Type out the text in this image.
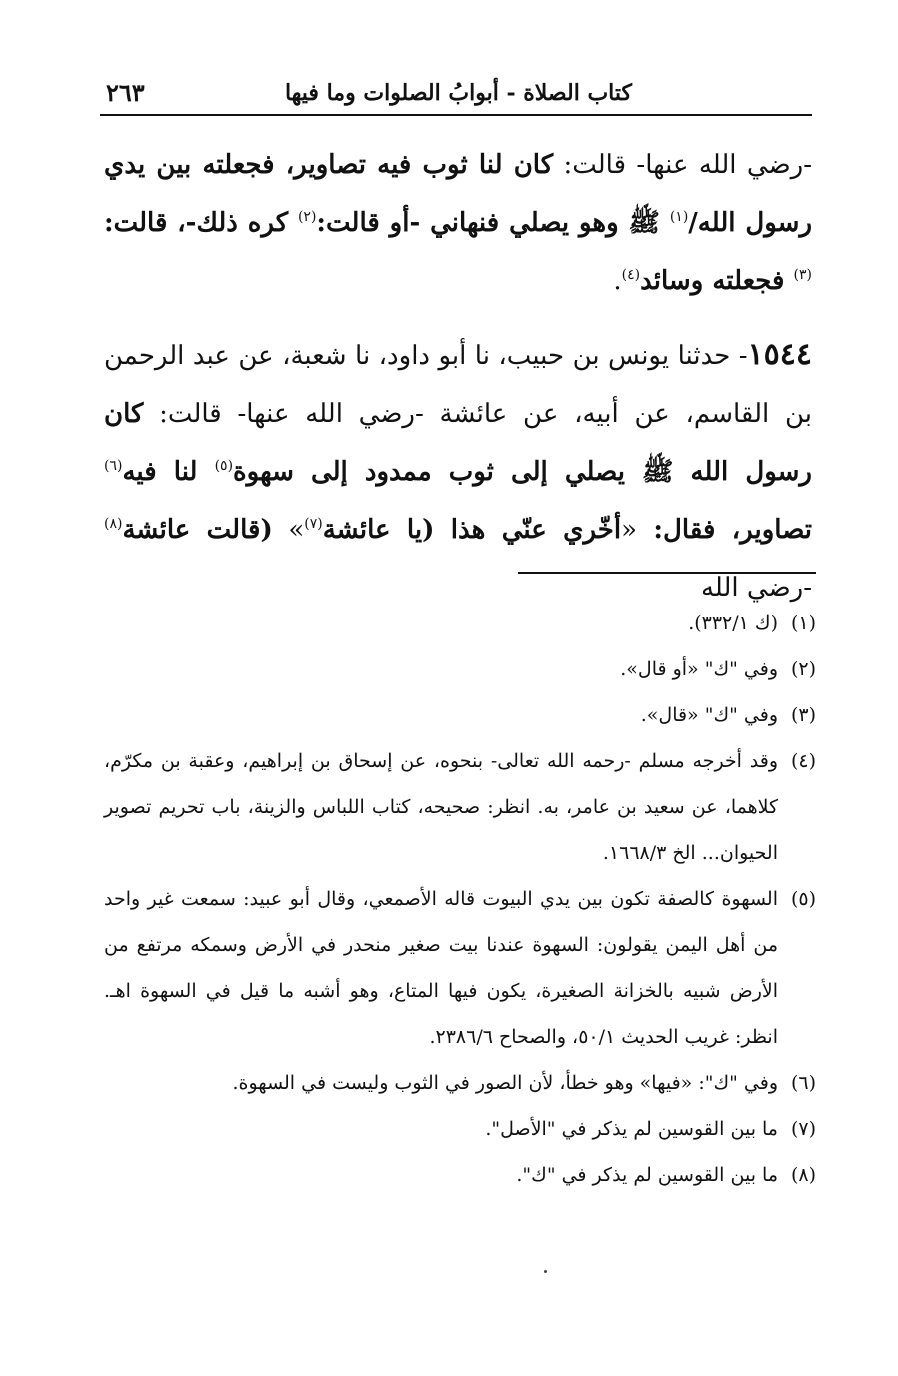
كتاب الصلاة - أبوابُ الصلوات وما فيها
٢٦٣

-رضي الله عنها- قالت: كان لنا ثوب فيه تصاوير، فجعلته بين يدي رسول الله/$^{(١)}$ ﷺ وهو يصلي فنهاني -أو قالت:$^{(٢)}$ كره ذلك-، قالت:$^{(٣)}$ فجعلته وسائد$^{(٤)}$.

١٥٤٤- حدثنا يونس بن حبيب، نا أبو داود، نا شعبة، عن عبد الرحمن بن القاسم، عن أبيه، عن عائشة -رضي الله عنها- قالت: كان رسول الله ﷺ يصلي إلى ثوب ممدود إلى سهوة$^{(٥)}$ لنا فيه$^{(٦)}$ تصاوير، فقال: «أخّري عنّي هذا (يا عائشة$^{(٧)}$» (قالت عائشة$^{(٨)}$ -رضي الله

(١)
(ك ٣٣٢/١).
(٢)
وفي "ك" «أو قال».
(٣)
وفي "ك" «قال».
(٤)
وقد أخرجه مسلم -رحمه الله تعالى- بنحوه، عن إسحاق بن إبراهيم، وعقبة بن مكرّم، كلاهما، عن سعيد بن عامر، به. انظر: صحيحه، كتاب اللباس والزينة، باب تحريم تصوير الحيوان... الخ ١٦٦٨/٣.
(٥)
السهوة كالصفة تكون بين يدي البيوت قاله الأصمعي، وقال أبو عبيد: سمعت غير واحد من أهل اليمن يقولون: السهوة عندنا بيت صغير منحدر في الأرض وسمكه مرتفع من الأرض شبيه بالخزانة الصغيرة، يكون فيها المتاع، وهو أشبه ما قيل في السهوة اهـ. انظر: غريب الحديث ٥٠/١، والصحاح ٢٣٨٦/٦.
(٦)
وفي "ك": «فيها» وهو خطأ، لأن الصور في الثوب وليست في السهوة.
(٧)
ما بين القوسين لم يذكر في "الأصل".
(٨)
ما بين القوسين لم يذكر في "ك".
